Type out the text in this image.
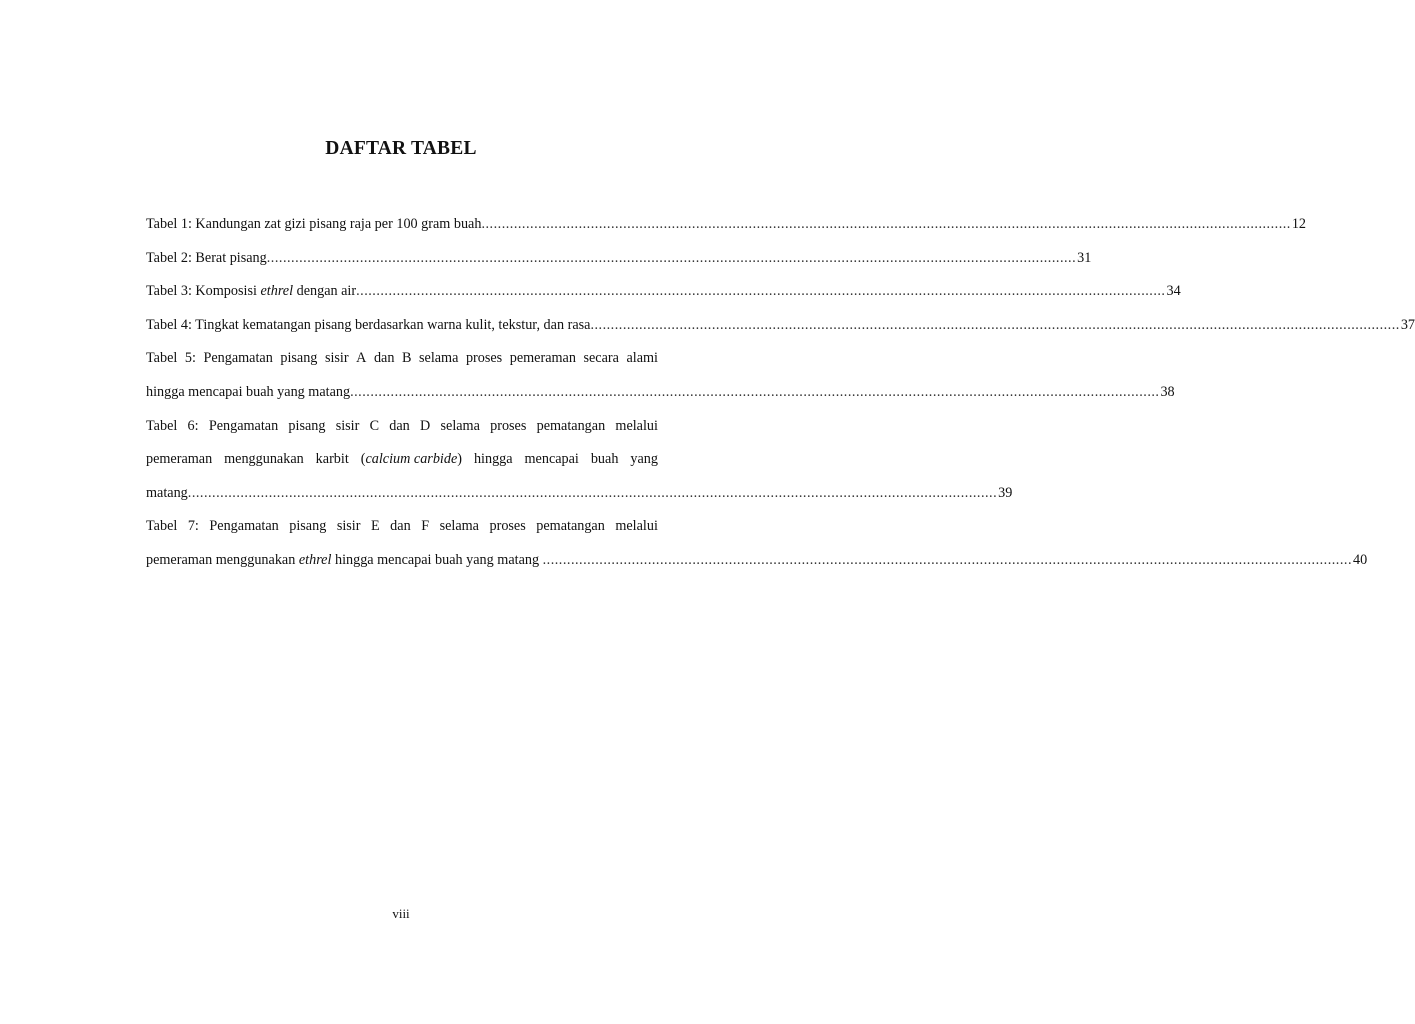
DAFTAR TABEL
Tabel 1: Kandungan zat gizi pisang raja per 100 gram buah ........................................................................................................................................................................................................ 12
Tabel 2: Berat pisang ........................................................................................................................................................................................................ 31
Tabel 3: Komposisi ethrel dengan air ........................................................................................................................................................................................................ 34
Tabel 4: Tingkat kematangan pisang berdasarkan warna kulit, tekstur, dan rasa ........................................................................................................................................................................................................ 37
Tabel 5: Pengamatan pisang sisir A dan B selama proses pemeraman secara alami
hingga mencapai buah yang matang ........................................................................................................................................................................................................ 38
Tabel 6: Pengamatan pisang sisir C dan D selama proses pematangan melalui
pemeraman menggunakan karbit (calcium carbide) hingga mencapai buah yang
matang ........................................................................................................................................................................................................ 39
Tabel 7: Pengamatan pisang sisir E dan F selama proses pematangan melalui
pemeraman menggunakan ethrel hingga mencapai buah yang matang ........................................................................................................................................................................................................ 40
viii
